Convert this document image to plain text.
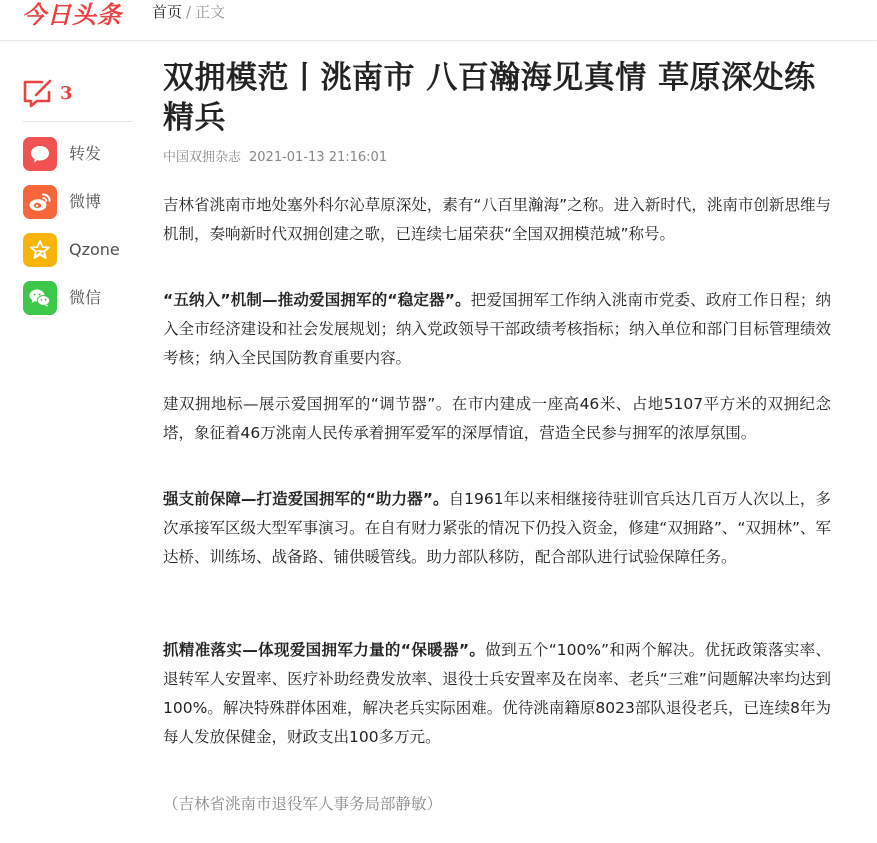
今日头条 首页 / 正文
3
转发
微博
Qzone
微信
双拥模范丨洮南市 八百瀚海见真情 草原深处练精兵
中国双拥杂志 2021-01-13 21:16:01

吉林省洮南市地处塞外科尔沁草原深处，素有“八百里瀚海”之称。进入新时代，洮南市创新思维与机制，奏响新时代双拥创建之歌，已连续七届荣获“全国双拥模范城”称号。

“五纳入”机制—推动爱国拥军的“稳定器”。把爱国拥军工作纳入洮南市党委、政府工作日程；纳入全市经济建设和社会发展规划；纳入党政领导干部政绩考核指标；纳入单位和部门目标管理绩效考核；纳入全民国防教育重要内容。

建双拥地标—展示爱国拥军的“调节器”。在市内建成一座高46米、占地5107平方米的双拥纪念塔，象征着46万洮南人民传承着拥军爱军的深厚情谊，营造全民参与拥军的浓厚氛围。

强支前保障—打造爱国拥军的“助力器”。自1961年以来相继接待驻训官兵达几百万人次以上，多次承接军区级大型军事演习。在自有财力紧张的情况下仍投入资金，修建“双拥路”、“双拥林”、军达桥、训练场、战备路、铺供暖管线。助力部队移防，配合部队进行试验保障任务。

抓精准落实—体现爱国拥军力量的“保暖器”。做到五个“100%”和两个解决。优抚政策落实率、退转军人安置率、医疗补助经费发放率、退役士兵安置率及在岗率、老兵“三难”问题解决率均达到100%。解决特殊群体困难，解决老兵实际困难。优待洮南籍原8023部队退役老兵，已连续8年为每人发放保健金，财政支出100多万元。

（吉林省洮南市退役军人事务局部静敏）
